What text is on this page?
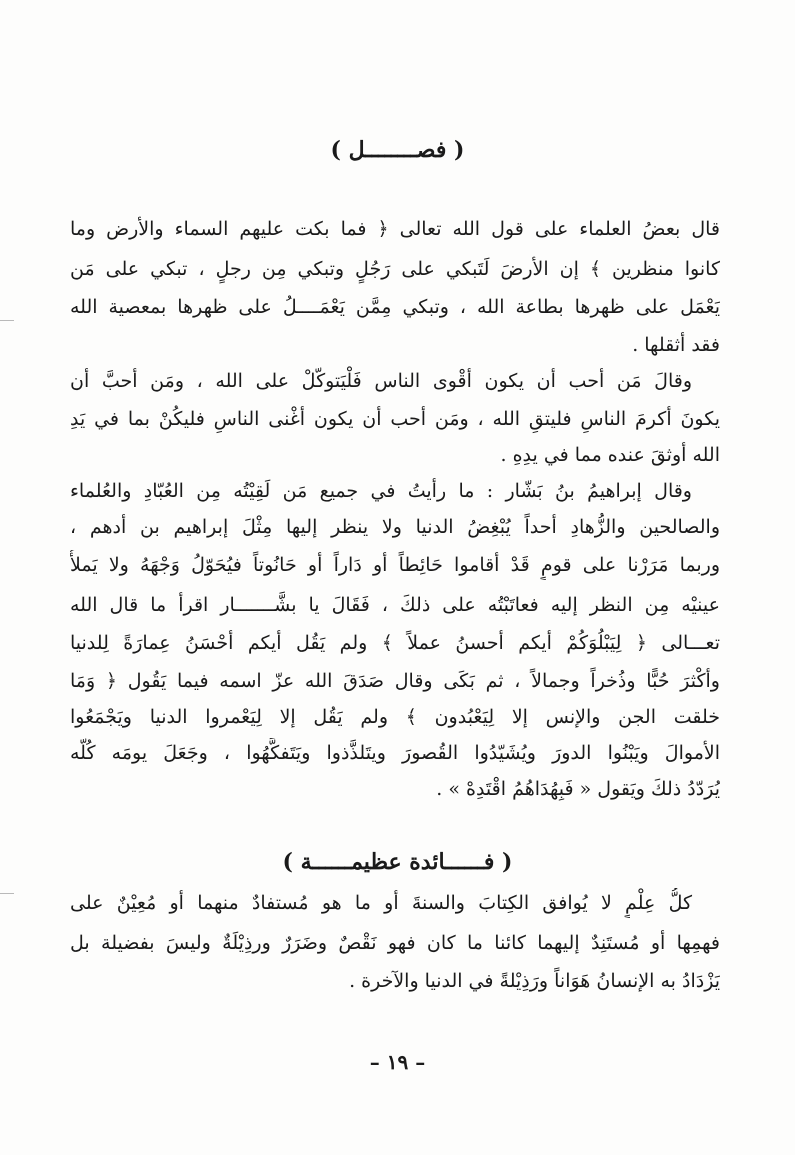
( فصــــــــل )
قال بعضُ العلماء على قول الله تعالى ﴿ فما بكت عليهم السماء والأرض وما
كانوا منظرين ﴾ إن الأرضَ لَتَبكي على رَجُلٍ وتبكي مِن رجلٍ ، تبكي على مَن
يَعْمَل على ظهرها بطاعة الله ، وتبكي مِمَّن يَعْمَــــلُ على ظهرها بمعصية الله
فقد أثقلها .
وقالَ مَن أحب أن يكون أقْوى الناس فَلْيَتوكّلْ على الله ، ومَن أحبَّ أن
يكونَ أكرمَ الناسِ فليتقِ الله ، ومَن أحب أن يكون أغْنى الناسِ فليكُنْ بما في يَدِ
الله أوثقَ عنده مما في يدِهِ .
وقال إبراهيمُ بنُ بَشّار : ما رأيتُ في جميع مَن لَقِيْتُه مِن العُبّادِ والعُلماء
والصالحين والزُّهادِ أحداً يُبْغِضُ الدنيا ولا ينظر إليها مِثْلَ إبراهيم بن أدهم ،
وربما مَرَرْنا على قومٍ قَدْ أقاموا حَائِطاً أو دَاراً أو حَانُوتاً فيُحَوّلُ وَجْهَهُ ولا يَملأُ
عينيْه مِن النظر إليه فعاتَبْتُه على ذلكَ ، فَقَالَ يا بشَّـــــــار اقرأ ما قال الله
تعـــالى ﴿ لِيَبْلُوَكُمْ أيكم أحسنُ عملاً ﴾ ولم يَقُل أيكم أحْسَنُ عِمارَةً لِلدنيا
وأكْثرَ حُبًّا وذُخراً وجمالاً ، ثم بَكَى وقال صَدَقَ الله عزّ اسمه فيما يَقُول ﴿ وَمَا
خلقت الجن والإنس إلا لِيَعْبُدون ﴾ ولم يَقُل إلا لِيَعْمروا الدنيا ويَجْمَعُوا
الأموالَ ويَبْنُوا الدورَ ويُشَيّدُوا القُصورَ ويتَلذَّذوا ويَتَفكَّهُوا ، وجَعَلَ يومَه كُلّه
يُرَدّدُ ذلكَ ويَقول « فَبِهُدَاهُمُ اقْتَدِهْ » .
( فــــــائدة عظيمــــــة )
كلُّ عِلْمٍ لا يُوافق الكِتابَ والسنةَ أو ما هو مُستفادٌ منهما أو مُعِيْنٌ على
فهمِها أو مُستَنِدٌ إليهما كائنا ما كان فهو نَقْصٌ وضَرَرٌ ورذِيْلَةٌ وليسَ بفضيلة بل
يَزْدَادُ به الإنسانُ هَوَاناً ورَذِيْلةً في الدنيا والآخرة .
– ١٩ –
